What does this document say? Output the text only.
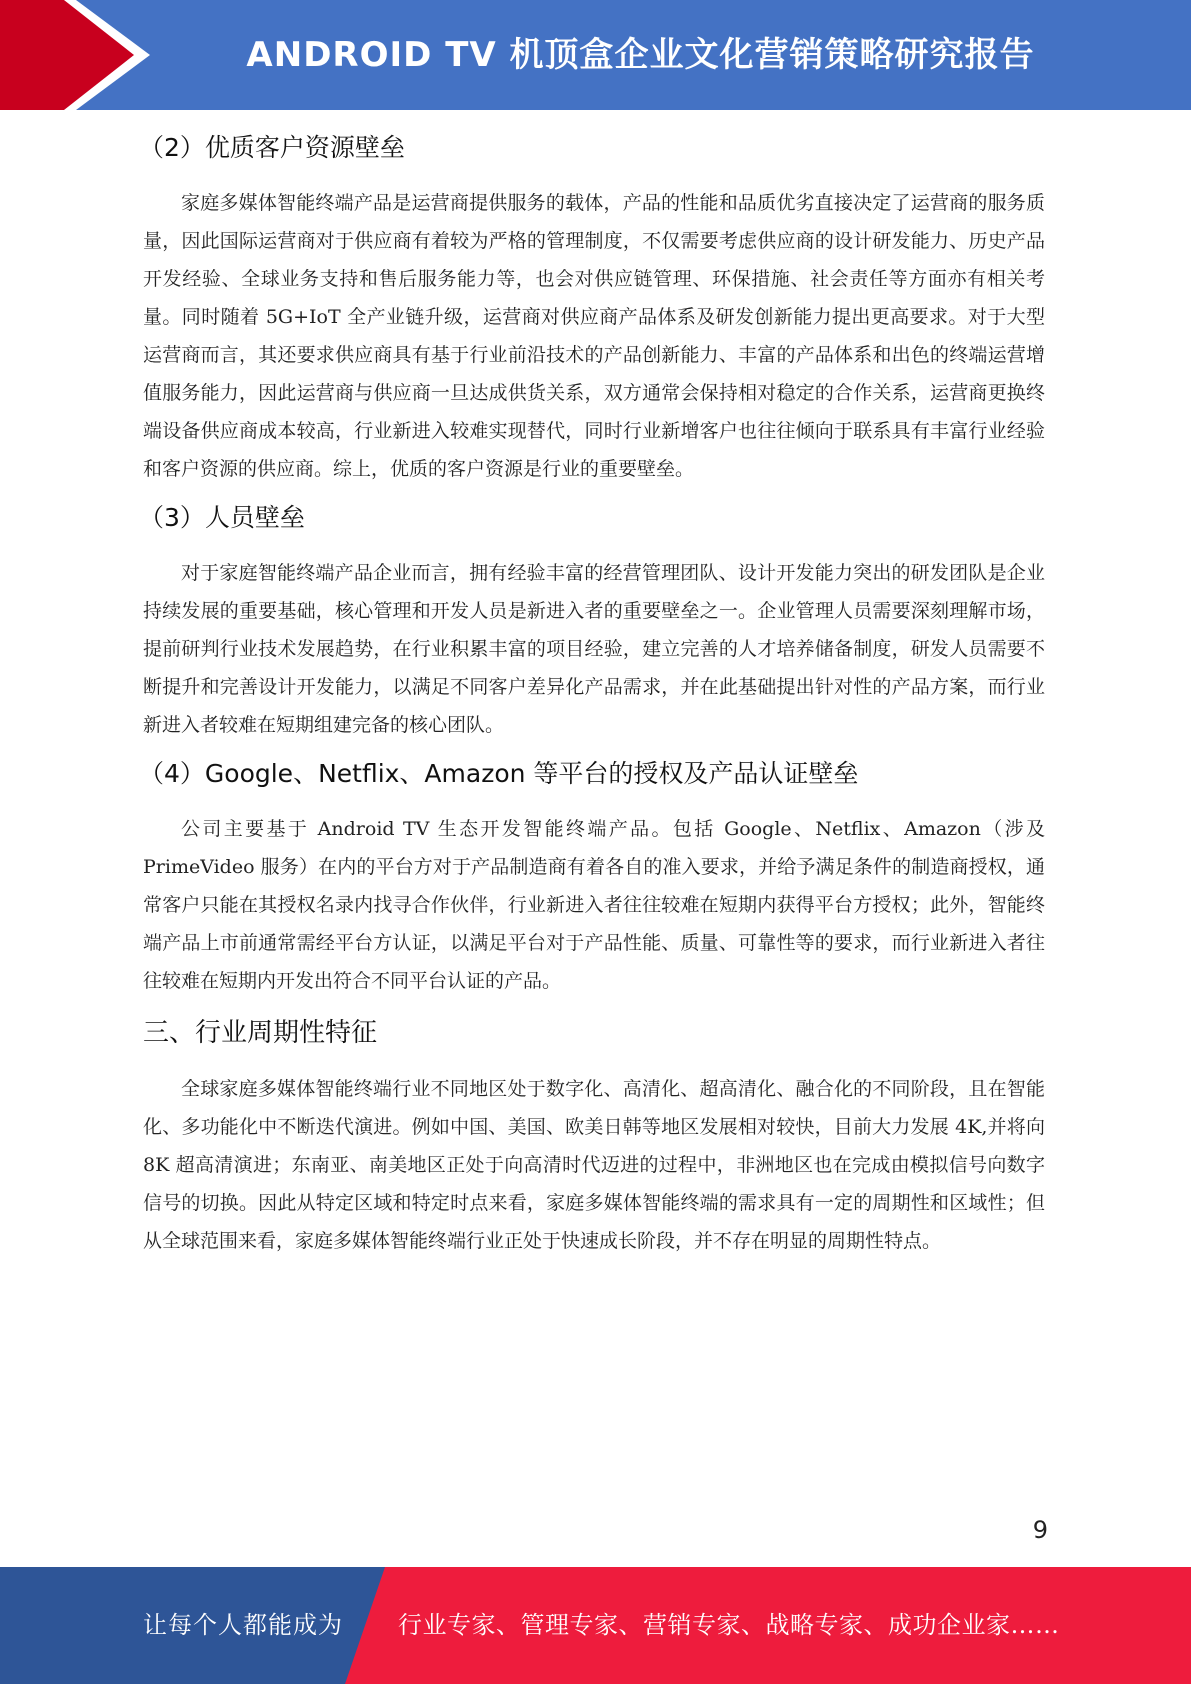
ANDROID TV 机顶盒企业文化营销策略研究报告
（2）优质客户资源壁垒

家庭多媒体智能终端产品是运营商提供服务的载体，产品的性能和品质优劣直接决定了运营商的服务质量，因此国际运营商对于供应商有着较为严格的管理制度，不仅需要考虑供应商的设计研发能力、历史产品开发经验、全球业务支持和售后服务能力等，也会对供应链管理、环保措施、社会责任等方面亦有相关考量。同时随着 5G+IoT 全产业链升级，运营商对供应商产品体系及研发创新能力提出更高要求。对于大型运营商而言，其还要求供应商具有基于行业前沿技术的产品创新能力、丰富的产品体系和出色的终端运营增值服务能力，因此运营商与供应商一旦达成供货关系，双方通常会保持相对稳定的合作关系，运营商更换终端设备供应商成本较高，行业新进入较难实现替代，同时行业新增客户也往往倾向于联系具有丰富行业经验和客户资源的供应商。综上，优质的客户资源是行业的重要壁垒。

（3）人员壁垒

对于家庭智能终端产品企业而言，拥有经验丰富的经营管理团队、设计开发能力突出的研发团队是企业持续发展的重要基础，核心管理和开发人员是新进入者的重要壁垒之一。企业管理人员需要深刻理解市场，提前研判行业技术发展趋势，在行业积累丰富的项目经验，建立完善的人才培养储备制度，研发人员需要不断提升和完善设计开发能力，以满足不同客户差异化产品需求，并在此基础提出针对性的产品方案，而行业新进入者较难在短期组建完备的核心团队。

（4）Google、Netflix、Amazon 等平台的授权及产品认证壁垒

公司主要基于 Android TV 生态开发智能终端产品。包括 Google、Netflix、Amazon（涉及 PrimeVideo 服务）在内的平台方对于产品制造商有着各自的准入要求，并给予满足条件的制造商授权，通常客户只能在其授权名录内找寻合作伙伴，行业新进入者往往较难在短期内获得平台方授权；此外，智能终端产品上市前通常需经平台方认证，以满足平台对于产品性能、质量、可靠性等的要求，而行业新进入者往往较难在短期内开发出符合不同平台认证的产品。

三、行业周期性特征

全球家庭多媒体智能终端行业不同地区处于数字化、高清化、超高清化、融合化的不同阶段，且在智能化、多功能化中不断迭代演进。例如中国、美国、欧美日韩等地区发展相对较快，目前大力发展 4K,并将向 8K 超高清演进；东南亚、南美地区正处于向高清时代迈进的过程中，非洲地区也在完成由模拟信号向数字信号的切换。因此从特定区域和特定时点来看，家庭多媒体智能终端的需求具有一定的周期性和区域性；但从全球范围来看，家庭多媒体智能终端行业正处于快速成长阶段，并不存在明显的周期性特点。

9
让每个人都能成为 行业专家、管理专家、营销专家、战略专家、成功企业家……
